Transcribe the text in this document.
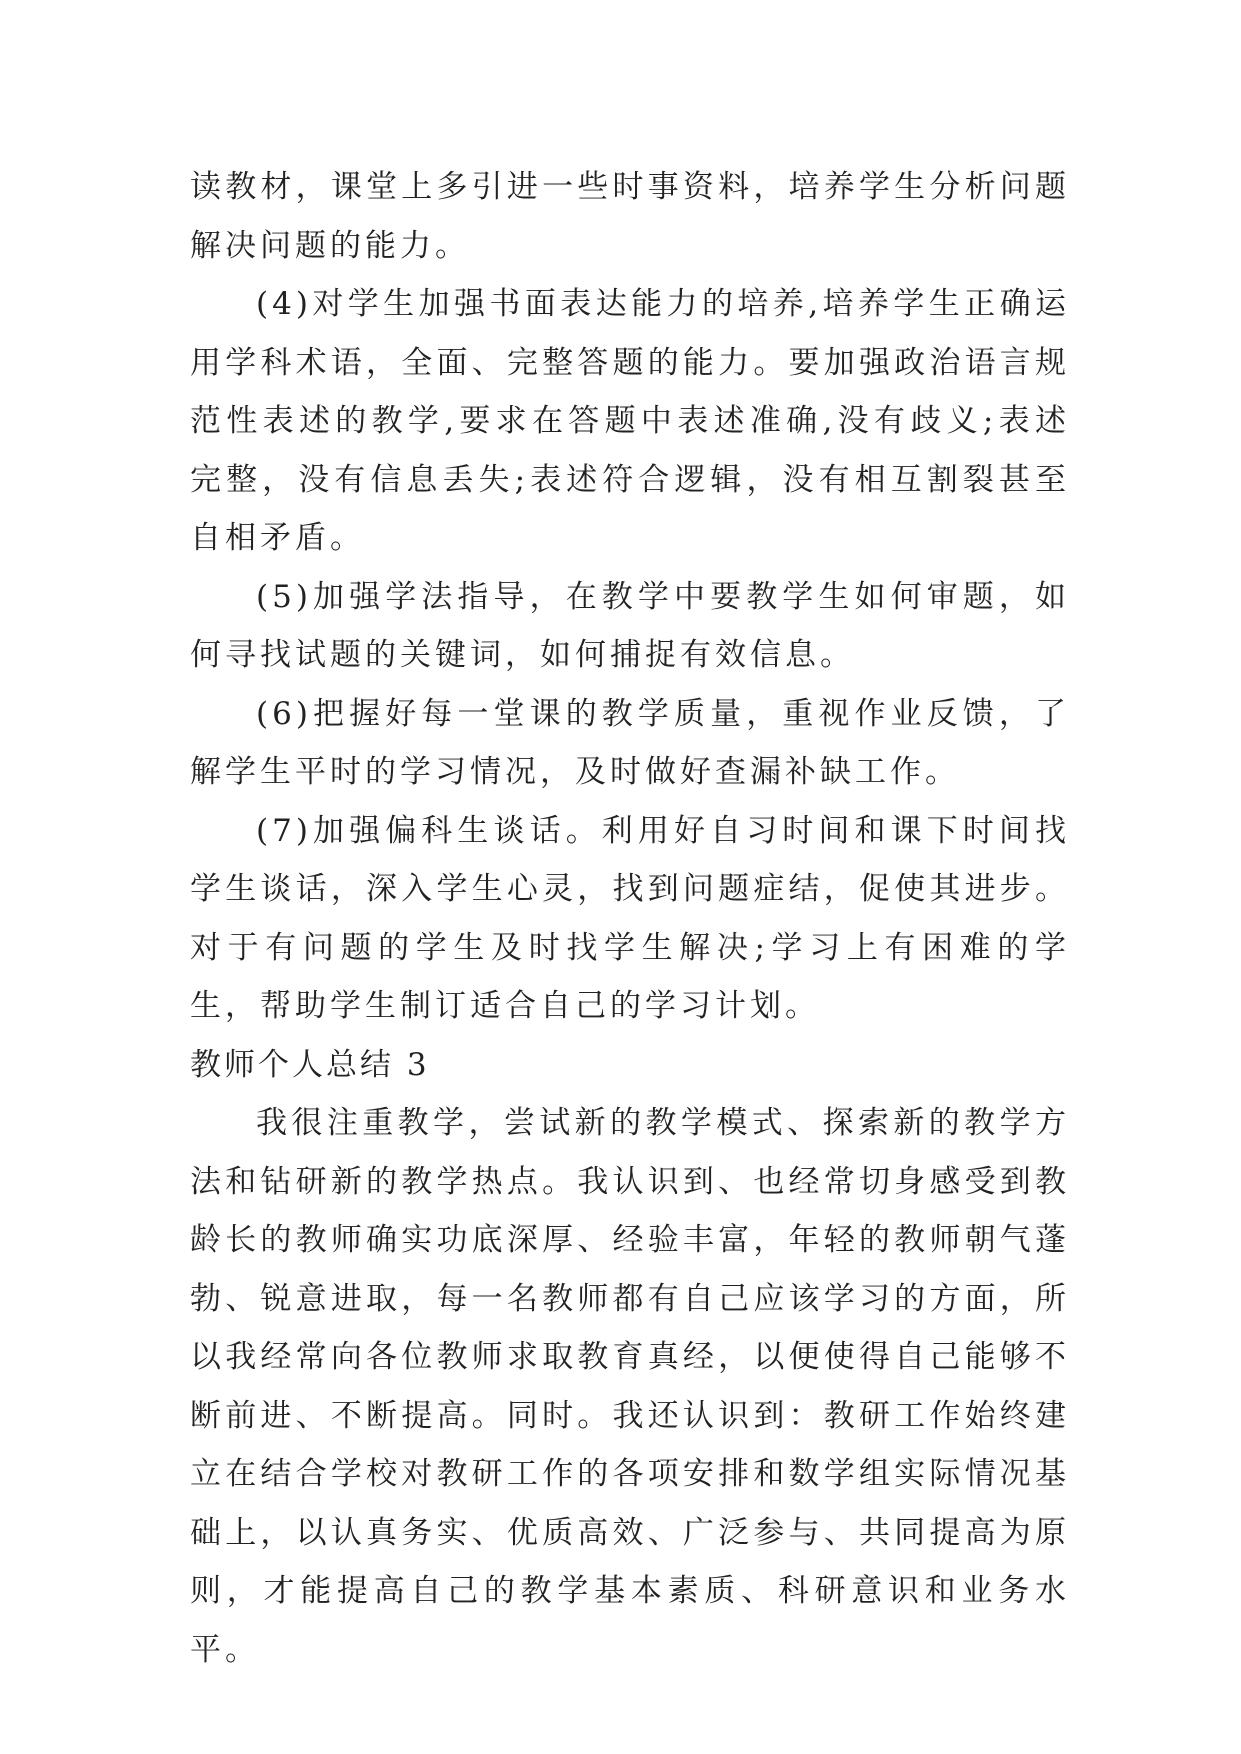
读教材，课堂上多引进一些时事资料，培养学生分析问题解决问题的能力。

(4)对学生加强书面表达能力的培养,培养学生正确运用学科术语，全面、完整答题的能力。要加强政治语言规范性表述的教学,要求在答题中表述准确,没有歧义;表述完整，没有信息丢失;表述符合逻辑，没有相互割裂甚至自相矛盾。

(5)加强学法指导，在教学中要教学生如何审题，如何寻找试题的关键词，如何捕捉有效信息。

(6)把握好每一堂课的教学质量，重视作业反馈，了解学生平时的学习情况，及时做好查漏补缺工作。

(7)加强偏科生谈话。利用好自习时间和课下时间找学生谈话，深入学生心灵，找到问题症结，促使其进步。对于有问题的学生及时找学生解决;学习上有困难的学生，帮助学生制订适合自己的学习计划。

教师个人总结 3

我很注重教学，尝试新的教学模式、探索新的教学方法和钻研新的教学热点。我认识到、也经常切身感受到教龄长的教师确实功底深厚、经验丰富，年轻的教师朝气蓬勃、锐意进取，每一名教师都有自己应该学习的方面，所以我经常向各位教师求取教育真经，以便使得自己能够不断前进、不断提高。同时。我还认识到：教研工作始终建立在结合学校对教研工作的各项安排和数学组实际情况基础上，以认真务实、优质高效、广泛参与、共同提高为原则，才能提高自己的教学基本素质、科研意识和业务水平。
